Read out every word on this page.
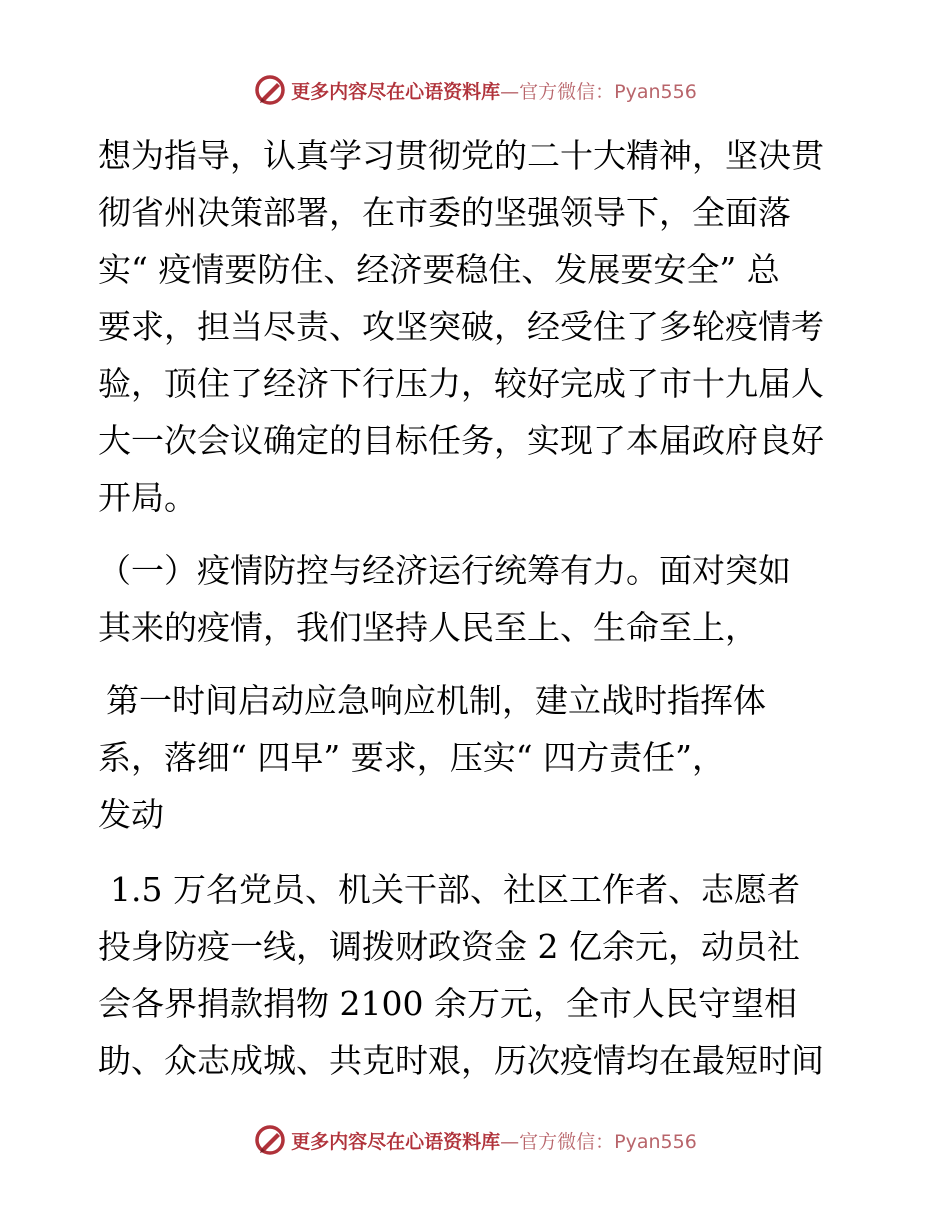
更多内容尽在心语资料库 —官方微信：Pyan556

想为指导，认真学习贯彻党的二十大精神，坚决贯

彻省州决策部署，在市委的坚强领导下，全面落

实“ 疫情要防住、经济要稳住、发展要安全” 总

要求，担当尽责、攻坚突破，经受住了多轮疫情考

验，顶住了经济下行压力，较好完成了市十九届人

大一次会议确定的目标任务，实现了本届政府良好

开局。

（一）疫情防控与经济运行统筹有力。面对突如

其来的疫情，我们坚持人民至上、生命至上，

第一时间启动应急响应机制，建立战时指挥体

系，落细“ 四早” 要求，压实“ 四方责任”，

发动

1.5 万名党员、机关干部、社区工作者、志愿者

投身防疫一线，调拨财政资金 2 亿余元，动员社

会各界捐款捐物 2100 余万元，全市人民守望相

助、众志成城、共克时艰，历次疫情均在最短时间

更多内容尽在心语资料库 —官方微信：Pyan556
